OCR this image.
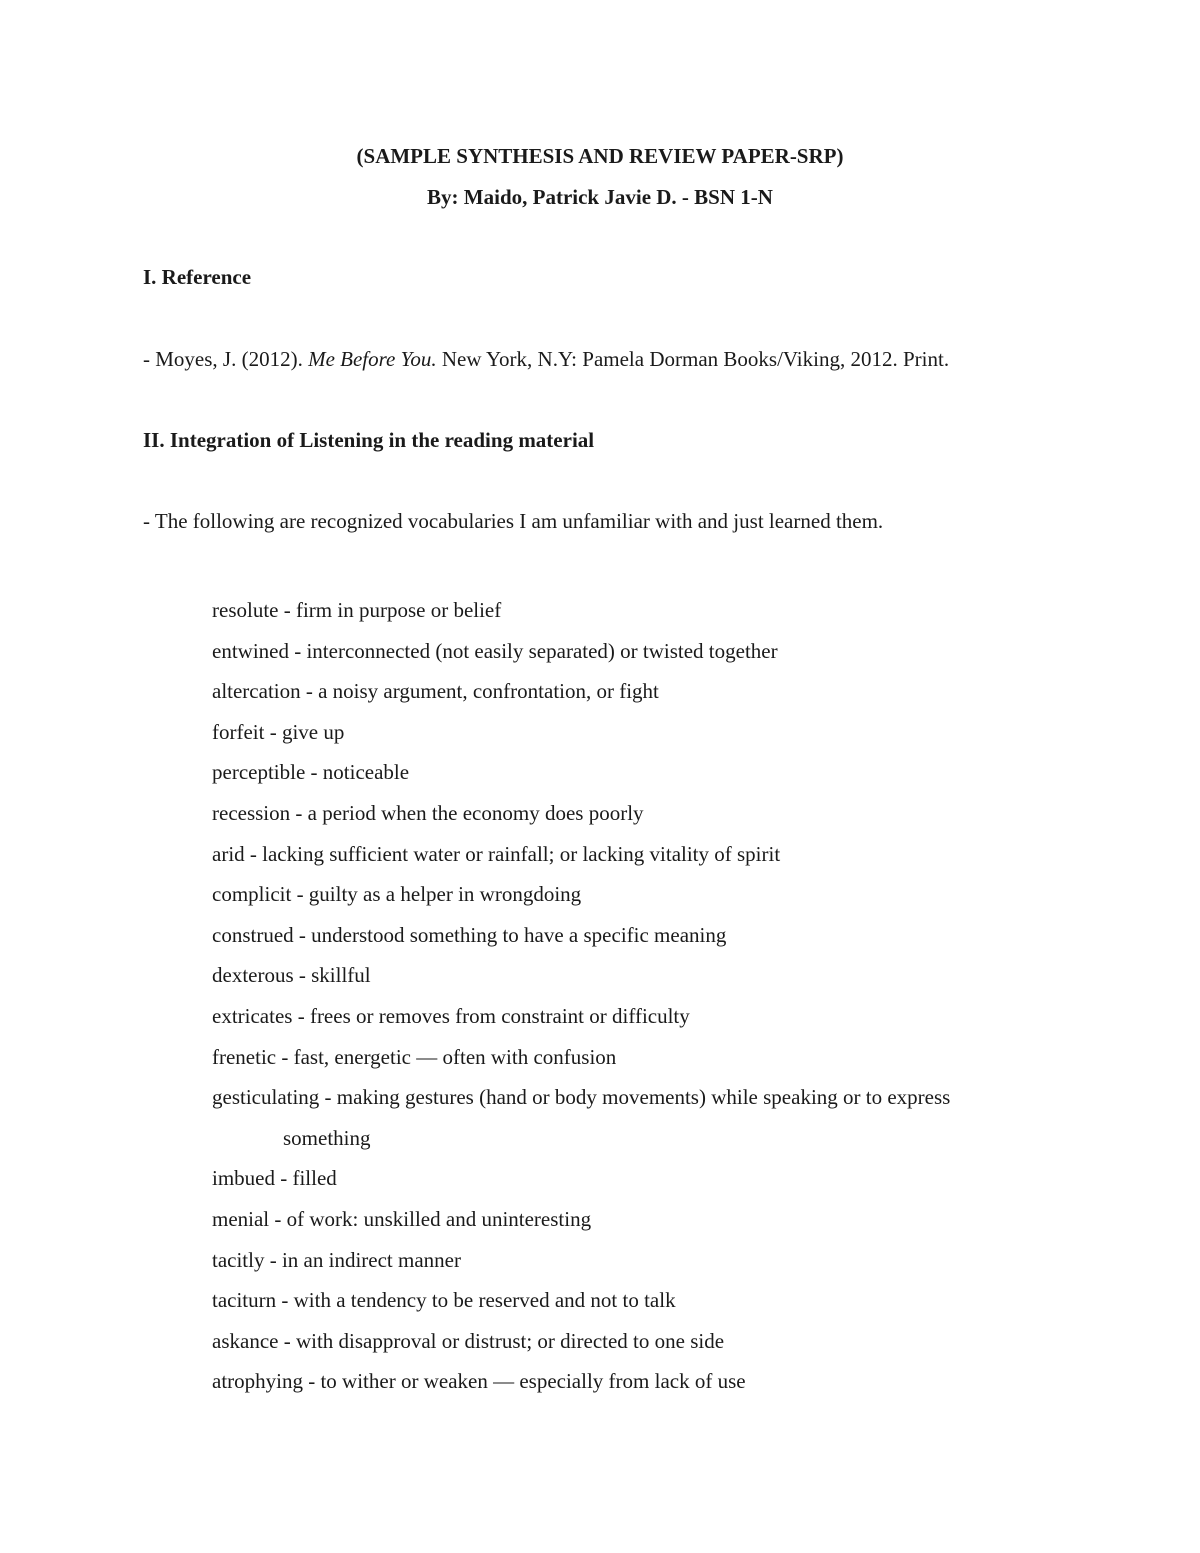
(SAMPLE SYNTHESIS AND REVIEW PAPER-SRP)
By: Maido, Patrick Javie D. - BSN 1-N
I. Reference
- Moyes, J. (2012). Me Before You. New York, N.Y: Pamela Dorman Books/Viking, 2012. Print.
II. Integration of Listening in the reading material
- The following are recognized vocabularies I am unfamiliar with and just learned them.
resolute - firm in purpose or belief
entwined - interconnected (not easily separated) or twisted together
altercation - a noisy argument, confrontation, or fight
forfeit - give up
perceptible - noticeable
recession - a period when the economy does poorly
arid - lacking sufficient water or rainfall; or lacking vitality of spirit
complicit - guilty as a helper in wrongdoing
construed - understood something to have a specific meaning
dexterous - skillful
extricates - frees or removes from constraint or difficulty
frenetic - fast, energetic — often with confusion
gesticulating - making gestures (hand or body movements) while speaking or to express
something
imbued - filled
menial - of work: unskilled and uninteresting
tacitly - in an indirect manner
taciturn - with a tendency to be reserved and not to talk
askance - with disapproval or distrust; or directed to one side
atrophying - to wither or weaken — especially from lack of use
